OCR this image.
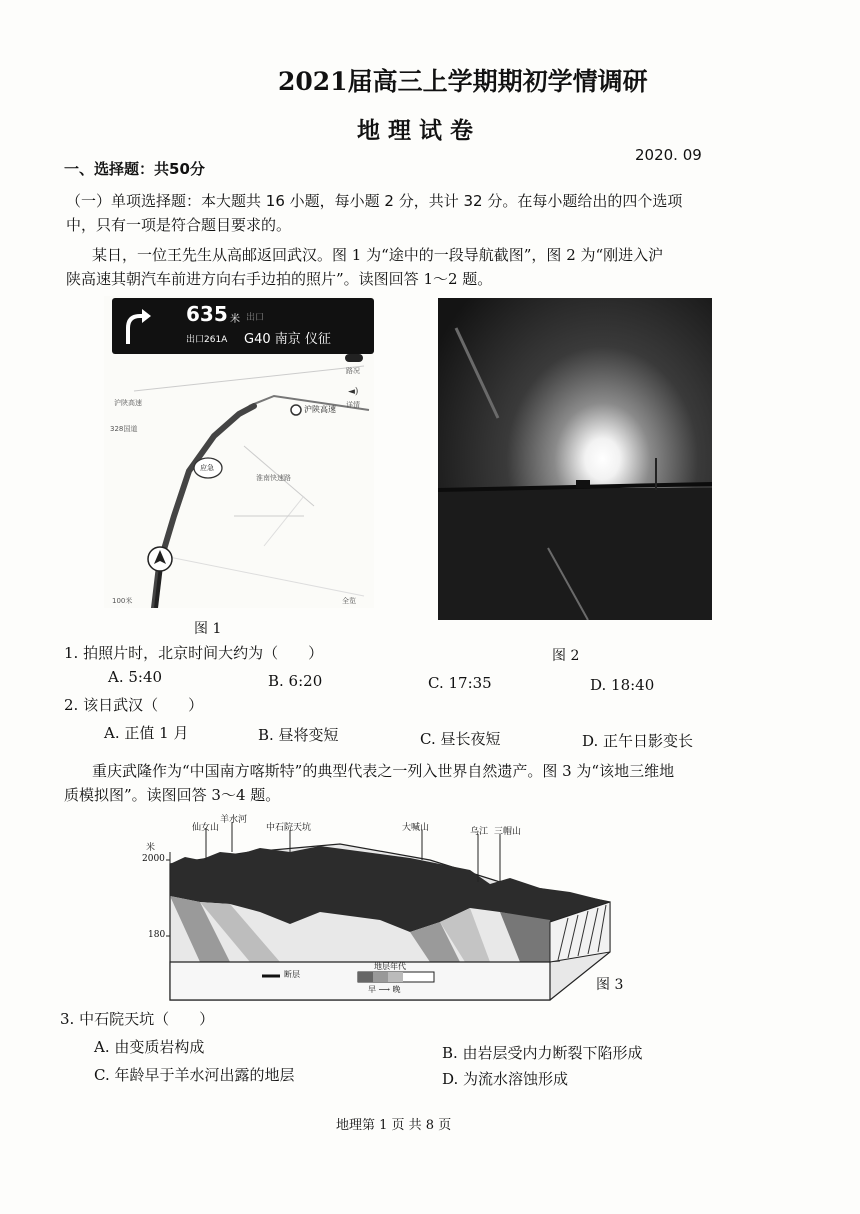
2021届高三上学期期初学情调研
地 理 试 卷
2020. 09
一、选择题：共50分
（一）单项选择题：本大题共 16 小题，每小题 2 分，共计 32 分。在每小题给出的四个选项
中，只有一项是符合题目要求的。
某日，一位王先生从高邮返回武汉。图 1 为“途中的一段导航截图”，图 2 为“刚进入沪
陕高速其朝汽车前进方向右手边拍的照片”。读图回答 1～2 题。
◄)
635 米 出口
出口261A G40 南京 仪征
沪陕高速
沪陕高速
328国道
淮南快速路
应急
路况
详情
全览
100米
图 1
图 2
1. 拍照片时，北京时间大约为（　　）
A. 5:40	B. 6:20	C. 17:35	D. 18:40
2. 该日武汉（　　）
A. 正值 1 月	B. 昼将变短	C. 昼长夜短	D. 正午日影变长
重庆武隆作为“中国南方喀斯特”的典型代表之一列入世界自然遗产。图 3 为“该地三维地
质模拟图”。读图回答 3～4 题。
米
2000
180
仙女山
羊水河
中石院天坑	大喊山	乌江 三帽山
断层
地层年代
早 ⟶ 晚	图 3
3. 中石院天坑（　　）
A. 由变质岩构成	B. 由岩层受内力断裂下陷形成
C. 年龄早于羊水河出露的地层	D. 为流水溶蚀形成
地理第 1 页 共 8 页
